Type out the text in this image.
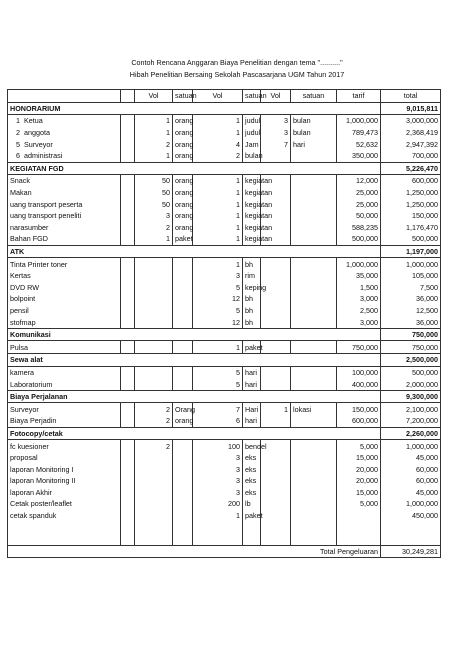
Contoh Rencana Anggaran Biaya Penelitian dengan tema ".........."
Hibah Penelitian Bersaing Sekolah Pascasarjana UGM Tahun 2017
		Vol	satuan	Vol	satuan	Vol	satuan	tarif	total	
HONORARIUM									9,015,811	
1 Ketua		1	orang	1	judul	3	bulan	1,000,000	3,000,000	
2 anggota		1	orang	1	judul	3	bulan	789,473	2,368,419	
5 Surveyor		2	orang	4	Jam	7	hari	52,632	2,947,392	
6 administrasi		1	orang	2	bulan			350,000	700,000	
KEGIATAN FGD									5,226,470	
Snack		50	orang	1	kegiatan			12,000	600,000	
Makan		50	orang	1	kegiatan			25,000	1,250,000	
uang transport peserta		50	orang	1	kegiatan			25,000	1,250,000	
uang transport peneliti		3	orang	1	kegiatan			50,000	150,000	
narasumber		2	orang	1	kegiatan			588,235	1,176,470	
Bahan FGD		1	paket	1	kegiatan			500,000	500,000	
ATK									1,197,000	
Tinta Printer toner				1	bh			1,000,000	1,000,000	
Kertas				3	rim			35,000	105,000	
DVD RW				5	keping			1,500	7,500	
bolpoint				12	bh			3,000	36,000	
pensil				5	bh			2,500	12,500	
stofmap				12	bh			3,000	36,000	
Komunikasi									750,000	
Pulsa				1	paket			750,000	750,000	
Sewa alat									2,500,000	
kamera				5	hari			100,000	500,000	
Laboratorium				5	hari			400,000	2,000,000	
Biaya Perjalanan									9,300,000	
Surveyor		2	Orang	7	Hari	1	lokasi	150,000	2,100,000	
Biaya Perjadin		2	orang	6	hari			600,000	7,200,000	
Fotocopy/cetak									2,260,000	
fc kuesioner		2		100	bendel			5,000	1,000,000	
proposal				3	eks			15,000	45,000	
laporan Monitoring I				3	eks			20,000	60,000	
laporan Monitoring II				3	eks			20,000	60,000	
laporan Akhir				3	eks			15,000	45,000	
Cetak poster/leaflet				200	lb			5,000	1,000,000	
cetak spanduk				1	paket				450,000	

Total Pengeluaran									30,249,281	
